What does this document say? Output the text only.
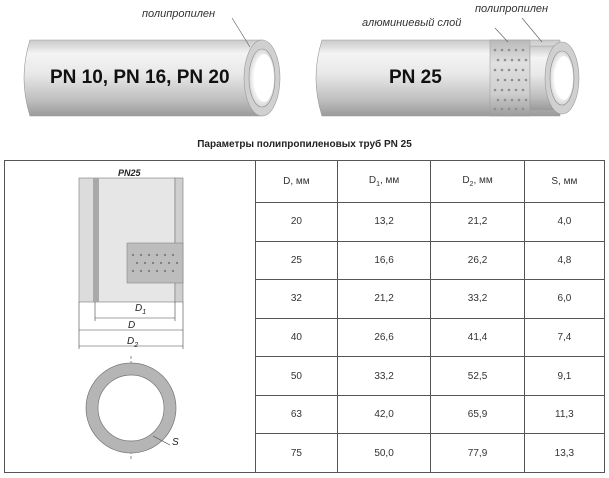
PN 10, PN 16, PN 20
полипропилен
PN 25
полипропилен
алюминиевый слой
Параметры полипропиленовых труб PN 25
PN25
$D_1$
D
$D_2$
S
D, мм	$D_1$, мм	$D_2$, мм	S, мм
20	13,2	21,2	4,0
25	16,6	26,2	4,8
32	21,2	33,2	6,0
40	26,6	41,4	7,4
50	33,2	52,5	9,1
63	42,0	65,9	11,3
75	50,0	77,9	13,3
